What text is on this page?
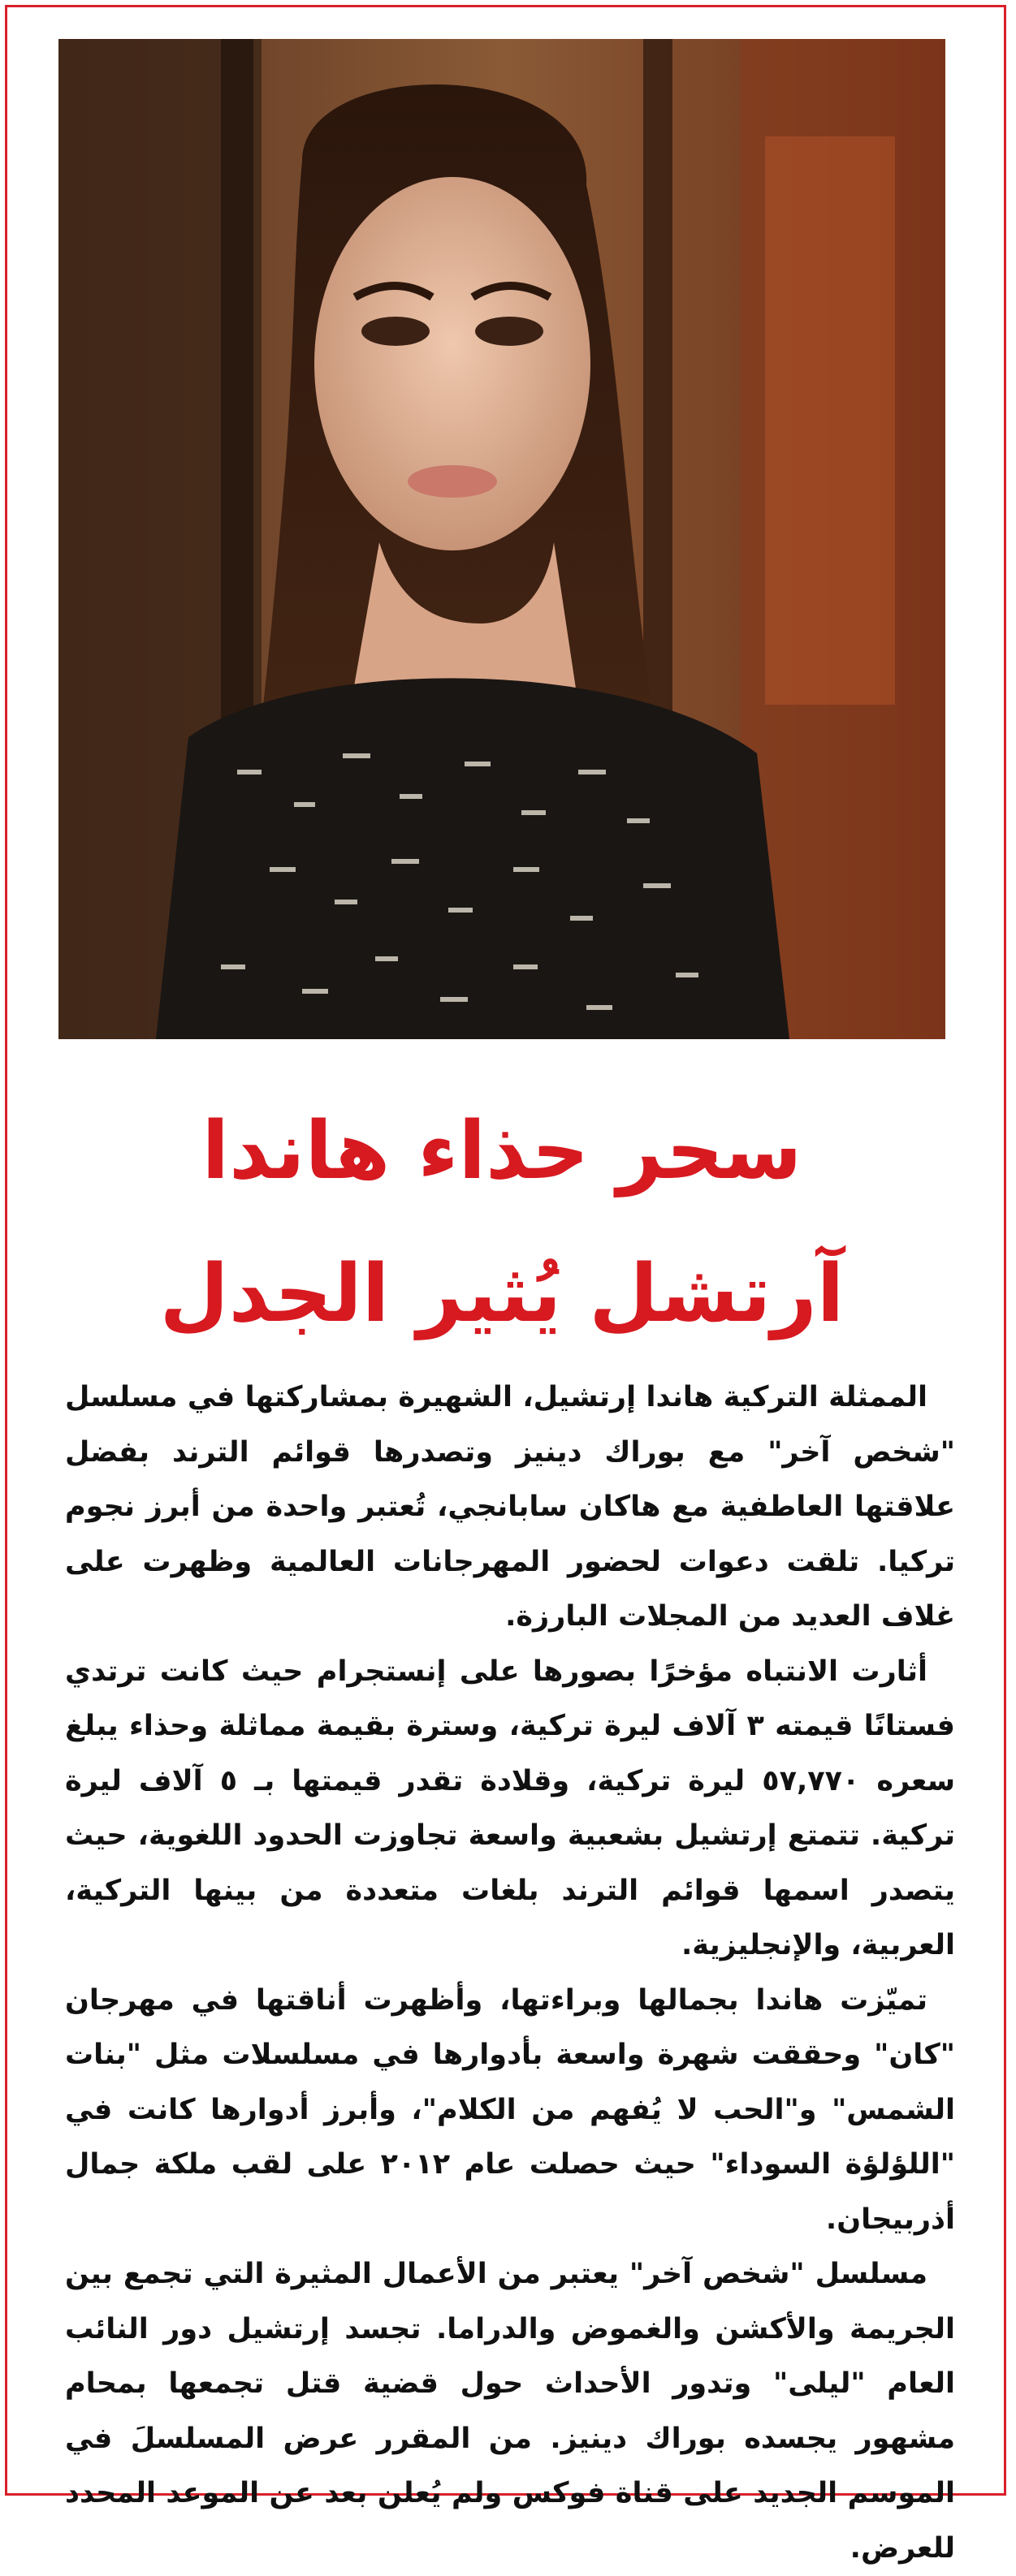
سحر حذاء هاندا
آرتشل يُثير الجدل

الممثلة التركية هاندا إرتشيل، الشهيرة بمشاركتها في مسلسل "شخص آخر" مع بوراك دينيز وتصدرها قوائم الترند بفضل علاقتها العاطفية مع هاكان سابانجي، تُعتبر واحدة من أبرز نجوم تركيا. تلقت دعوات لحضور المهرجانات العالمية وظهرت على غلاف العديد من المجلات البارزة.

أثارت الانتباه مؤخرًا بصورها على إنستجرام حيث كانت ترتدي فستانًا قيمته ٣ آلاف ليرة تركية، وسترة بقيمة مماثلة وحذاء يبلغ سعره ٥٧,٧٧٠ ليرة تركية، وقلادة تقدر قيمتها بـ ٥ آلاف ليرة تركية. تتمتع إرتشيل بشعبية واسعة تجاوزت الحدود اللغوية، حيث يتصدر اسمها قوائم الترند بلغات متعددة من بينها التركية، العربية، والإنجليزية.

تميّزت هاندا بجمالها وبراءتها، وأظهرت أناقتها في مهرجان "كان" وحققت شهرة واسعة بأدوارها في مسلسلات مثل "بنات الشمس" و"الحب لا يُفهم من الكلام"، وأبرز أدوارها كانت في "اللؤلؤة السوداء" حيث حصلت عام ٢٠١٢ على لقب ملكة جمال أذربيجان.

مسلسل "شخص آخر" يعتبر من الأعمال المثيرة التي تجمع بين الجريمة والأكشن والغموض والدراما. تجسد إرتشيل دور النائب العام "ليلى" وتدور الأحداث حول قضية قتل تجمعها بمحام مشهور يجسده بوراك دينيز. من المقرر عرض المسلسلَ في الموسم الجديد على قناة فوكس ولم يُعلن بعد عن الموعد المحدد للعرض.
